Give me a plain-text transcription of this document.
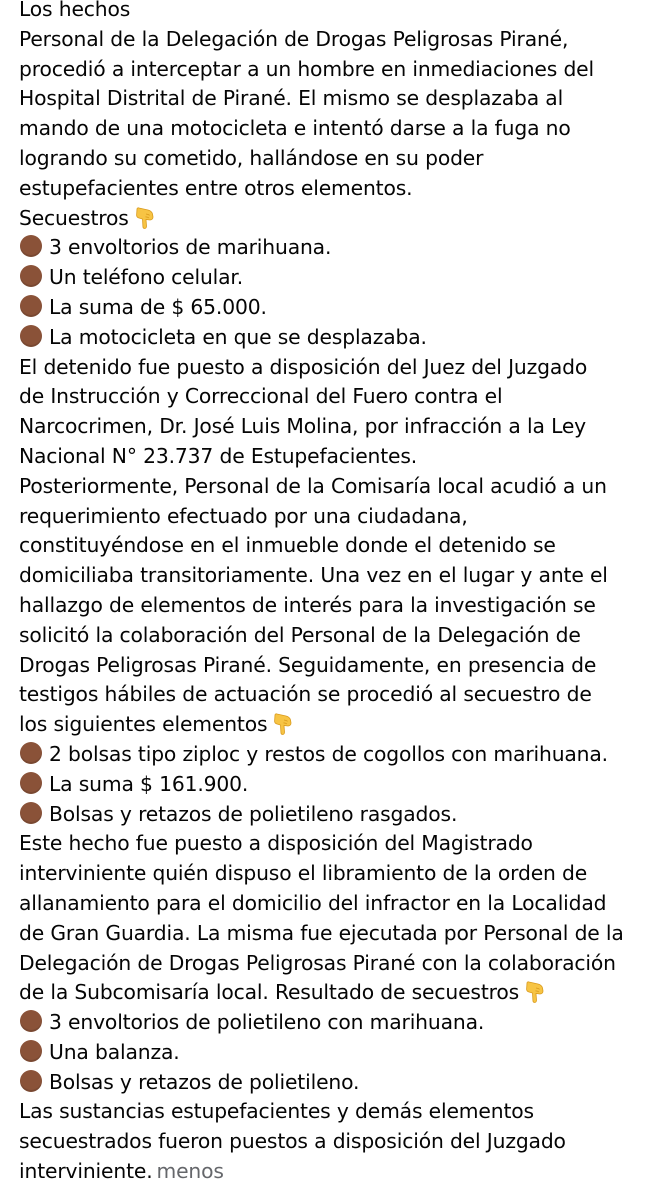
Los hechos
Personal de la Delegación de Drogas Peligrosas Pirané,
procedió a interceptar a un hombre en inmediaciones del
Hospital Distrital de Pirané. El mismo se desplazaba al
mando de una motocicleta e intentó darse a la fuga no
logrando su cometido, hallándose en su poder
estupefacientes entre otros elementos.
Secuestros
3 envoltorios de marihuana.
Un teléfono celular.
La suma de $ 65.000.
La motocicleta en que se desplazaba.
El detenido fue puesto a disposición del Juez del Juzgado
de Instrucción y Correccional del Fuero contra el
Narcocrimen, Dr. José Luis Molina, por infracción a la Ley
Nacional N° 23.737 de Estupefacientes.
Posteriormente, Personal de la Comisaría local acudió a un
requerimiento efectuado por una ciudadana,
constituyéndose en el inmueble donde el detenido se
domiciliaba transitoriamente. Una vez en el lugar y ante el
hallazgo de elementos de interés para la investigación se
solicitó la colaboración del Personal de la Delegación de
Drogas Peligrosas Pirané. Seguidamente, en presencia de
testigos hábiles de actuación se procedió al secuestro de
los siguientes elementos
2 bolsas tipo ziploc y restos de cogollos con marihuana.
La suma $ 161.900.
Bolsas y retazos de polietileno rasgados.
Este hecho fue puesto a disposición del Magistrado
interviniente quién dispuso el libramiento de la orden de
allanamiento para el domicilio del infractor en la Localidad
de Gran Guardia. La misma fue ejecutada por Personal de la
Delegación de Drogas Peligrosas Pirané con la colaboración
de la Subcomisaría local. Resultado de secuestros
3 envoltorios de polietileno con marihuana.
Una balanza.
Bolsas y retazos de polietileno.
Las sustancias estupefacientes y demás elementos
secuestrados fueron puestos a disposición del Juzgado
interviniente. menos
